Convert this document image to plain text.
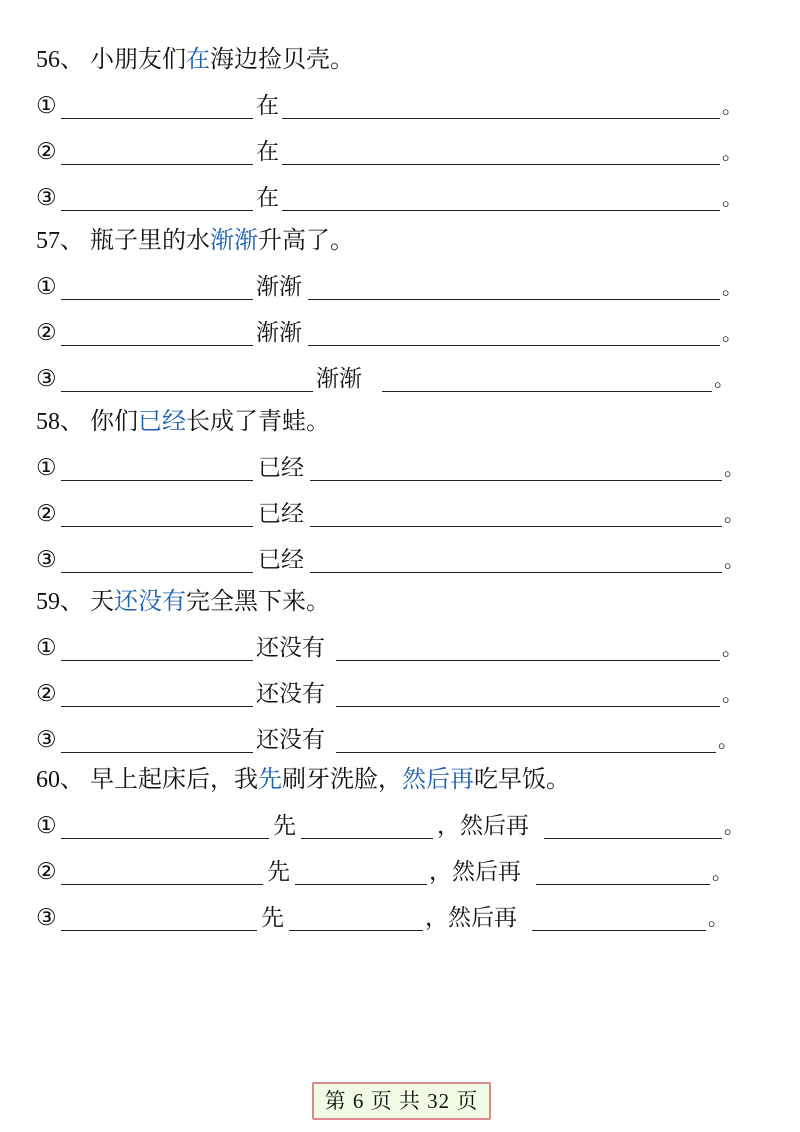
56、 小朋友们在海边捡贝壳。
①	在	。
②	在	。
③	在	。
57、 瓶子里的水渐渐升高了。
①	渐渐	。
②	渐渐	。
③	渐渐	。
58、 你们已经长成了青蛙。
①	已经	。
②	已经	。
③	已经	。
59、 天还没有完全黑下来。
①	还没有	。
②	还没有	。
③	还没有	。
60、 早上起床后，我先刷牙洗脸，然后再吃早饭。
①	先	，然后再	。
②	先	，然后再	。
③	先	，然后再	。
第 6 页 共 32 页
